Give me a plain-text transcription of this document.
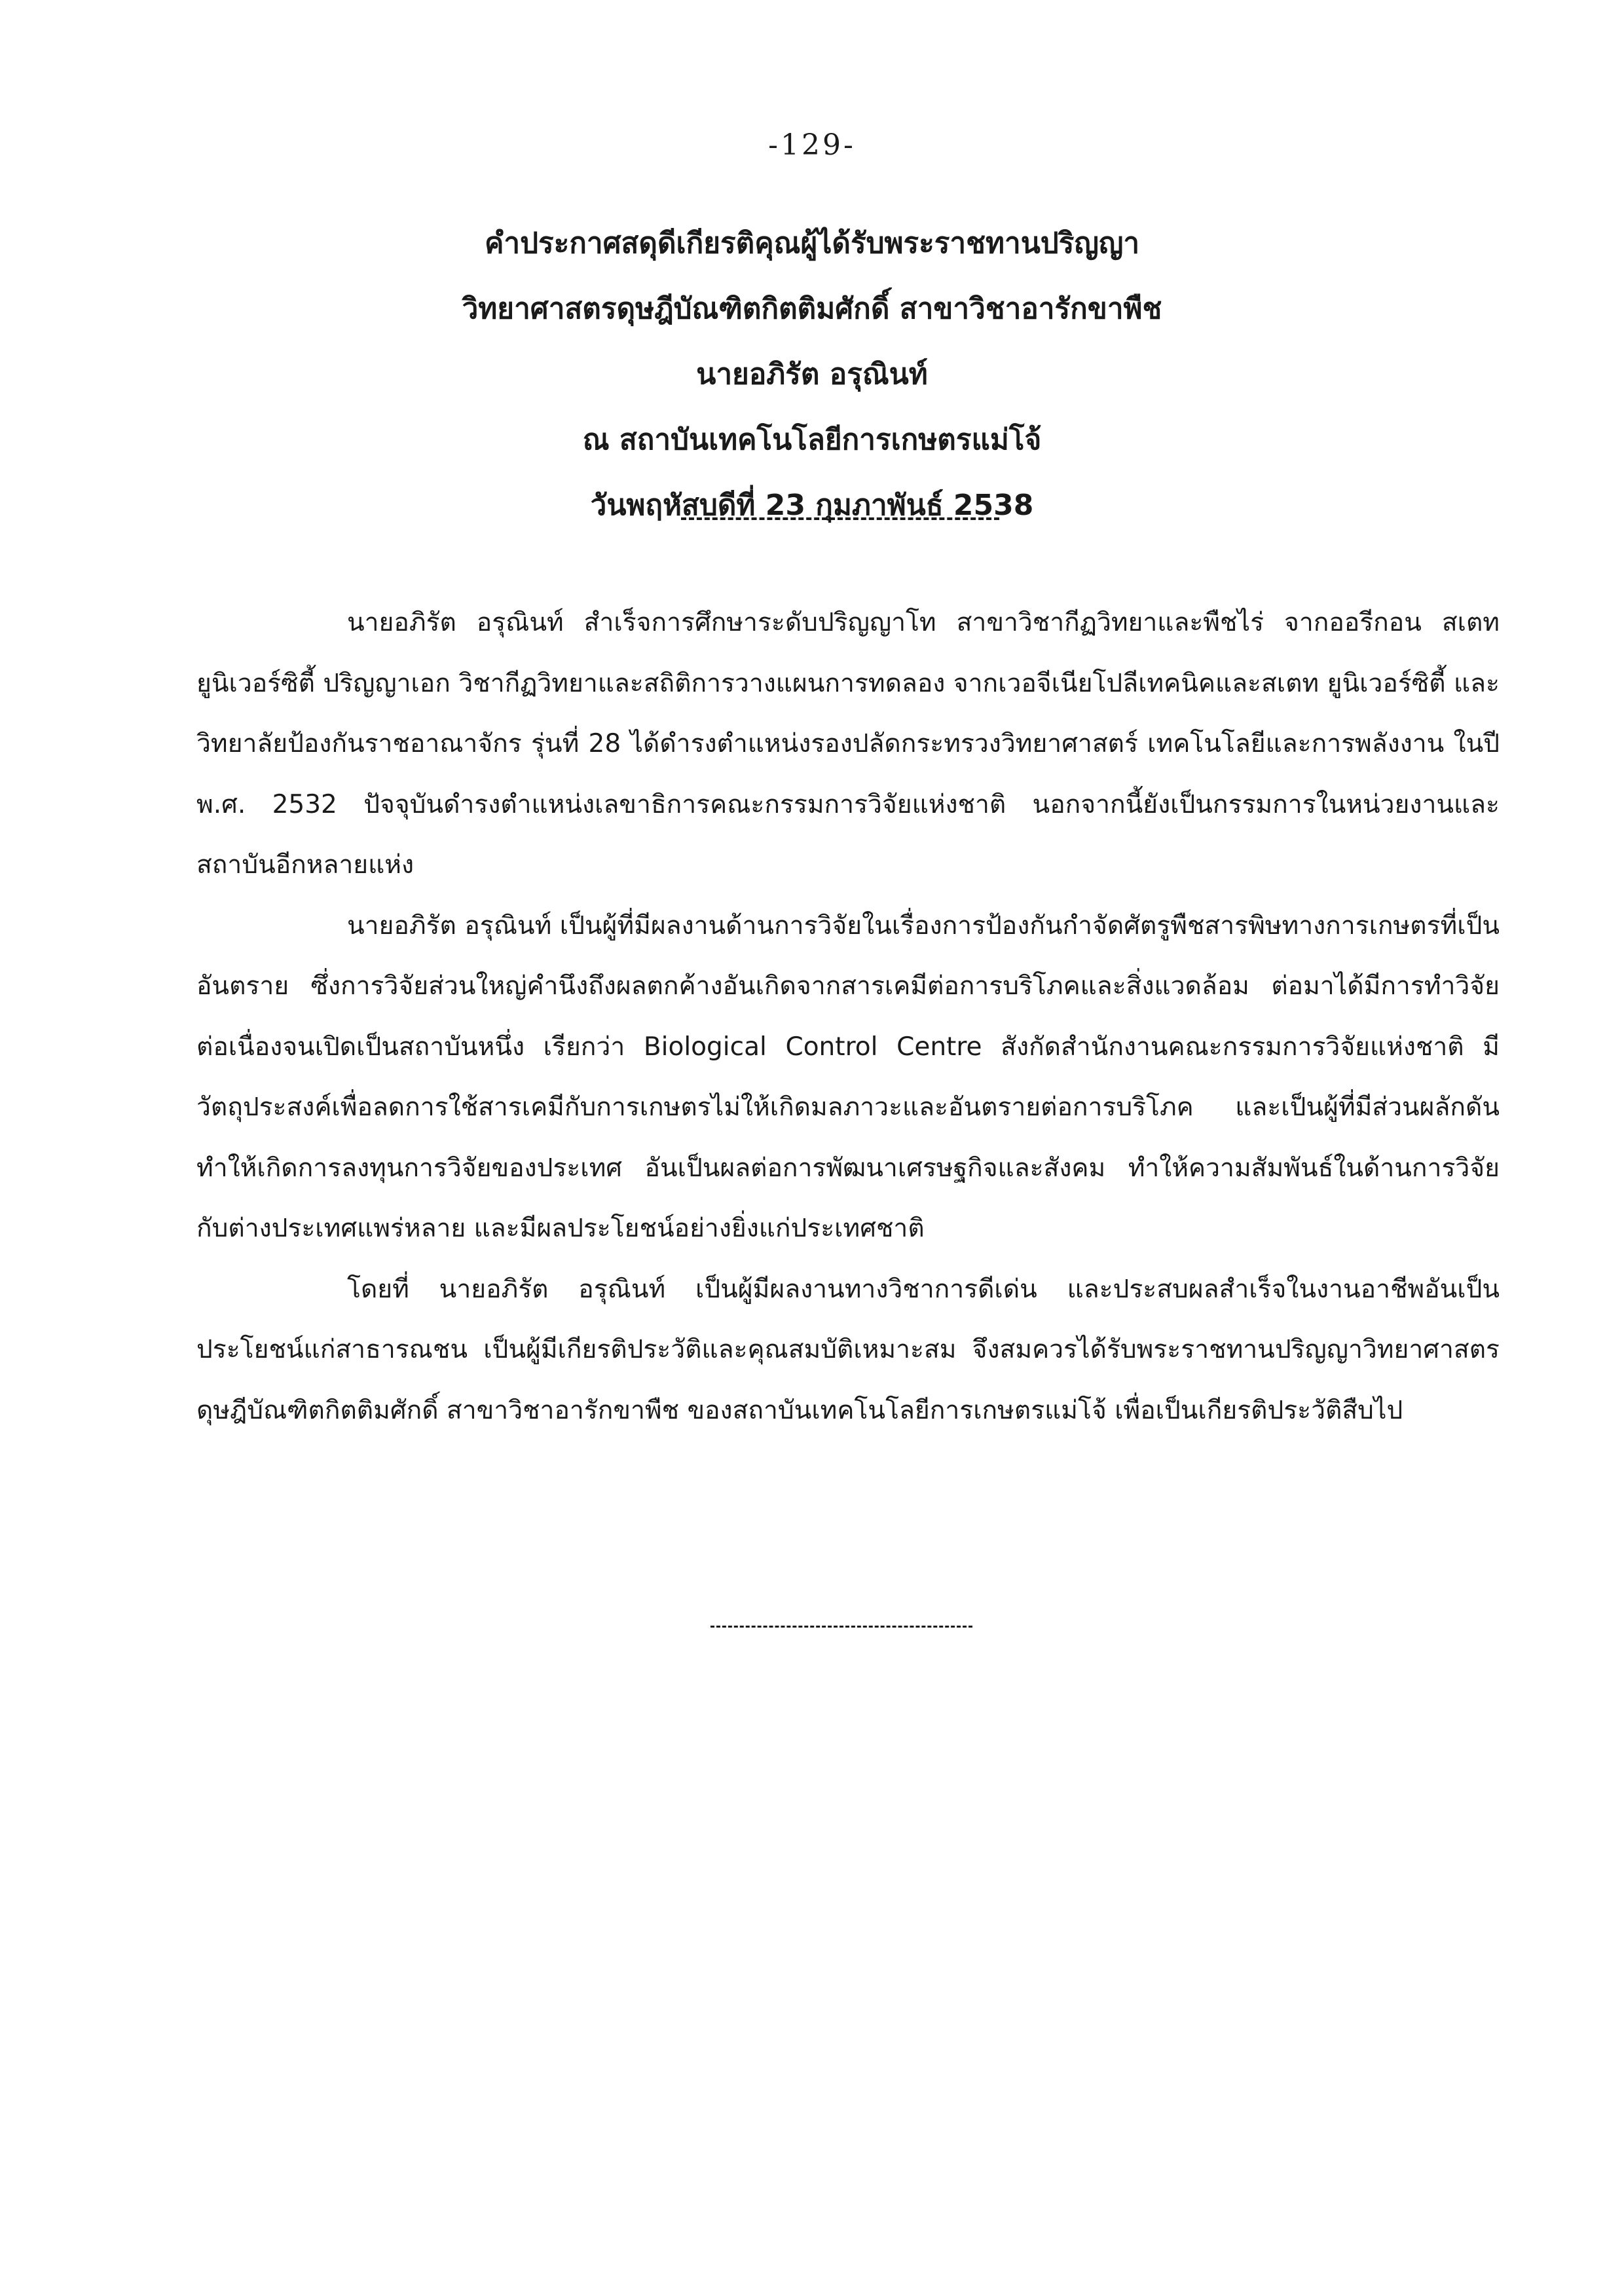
-129-
คำประกาศสดุดีเกียรติคุณผู้ได้รับพระราชทานปริญญา
วิทยาศาสตรดุษฎีบัณฑิตกิตติมศักดิ์ สาขาวิชาอารักขาพืช
นายอภิรัต อรุณินท์
ณ สถาบันเทคโนโลยีการเกษตรแม่โจ้
วันพฤหัสบดีที่ 23 กุมภาพันธ์ 2538

นายอภิรัต อรุณินท์ สำเร็จการศึกษาระดับปริญญาโท สาขาวิชากีฏวิทยาและพืชไร่ จากออรีกอน สเตท ยูนิเวอร์ซิตี้ ปริญญาเอก วิชากีฏวิทยาและสถิติการวางแผนการทดลอง จากเวอจีเนียโปลีเทคนิคและสเตท ยูนิเวอร์ซิตี้ และวิทยาลัยป้องกันราชอาณาจักร รุ่นที่ 28 ได้ดำรงตำแหน่งรองปลัดกระทรวงวิทยาศาสตร์ เทคโนโลยีและการพลังงาน ในปี พ.ศ. 2532 ปัจจุบันดำรงตำแหน่งเลขาธิการคณะกรรมการวิจัยแห่งชาติ นอกจากนี้ยังเป็นกรรมการในหน่วยงานและสถาบันอีกหลายแห่ง

นายอภิรัต อรุณินท์ เป็นผู้ที่มีผลงานด้านการวิจัยในเรื่องการป้องกันกำจัดศัตรูพืชสารพิษทางการเกษตรที่เป็นอันตราย ซึ่งการวิจัยส่วนใหญ่คำนึงถึงผลตกค้างอันเกิดจากสารเคมีต่อการบริโภคและสิ่งแวดล้อม ต่อมาได้มีการทำวิจัยต่อเนื่องจนเปิดเป็นสถาบันหนึ่ง เรียกว่า Biological Control Centre สังกัดสำนักงานคณะกรรมการวิจัยแห่งชาติ มีวัตถุประสงค์เพื่อลดการใช้สารเคมีกับการเกษตรไม่ให้เกิดมลภาวะและอันตรายต่อการบริโภค และเป็นผู้ที่มีส่วนผลักดันทำให้เกิดการลงทุนการวิจัยของประเทศ อันเป็นผลต่อการพัฒนาเศรษฐกิจและสังคม ทำให้ความสัมพันธ์ในด้านการวิจัยกับต่างประเทศแพร่หลาย และมีผลประโยชน์อย่างยิ่งแก่ประเทศชาติ

โดยที่ นายอภิรัต อรุณินท์ เป็นผู้มีผลงานทางวิชาการดีเด่น และประสบผลสำเร็จในงานอาชีพอันเป็นประโยชน์แก่สาธารณชน เป็นผู้มีเกียรติประวัติและคุณสมบัติเหมาะสม จึงสมควรได้รับพระราชทานปริญญาวิทยาศาสตรดุษฎีบัณฑิตกิตติมศักดิ์ สาขาวิชาอารักขาพืช ของสถาบันเทคโนโลยีการเกษตรแม่โจ้ เพื่อเป็นเกียรติประวัติสืบไป
